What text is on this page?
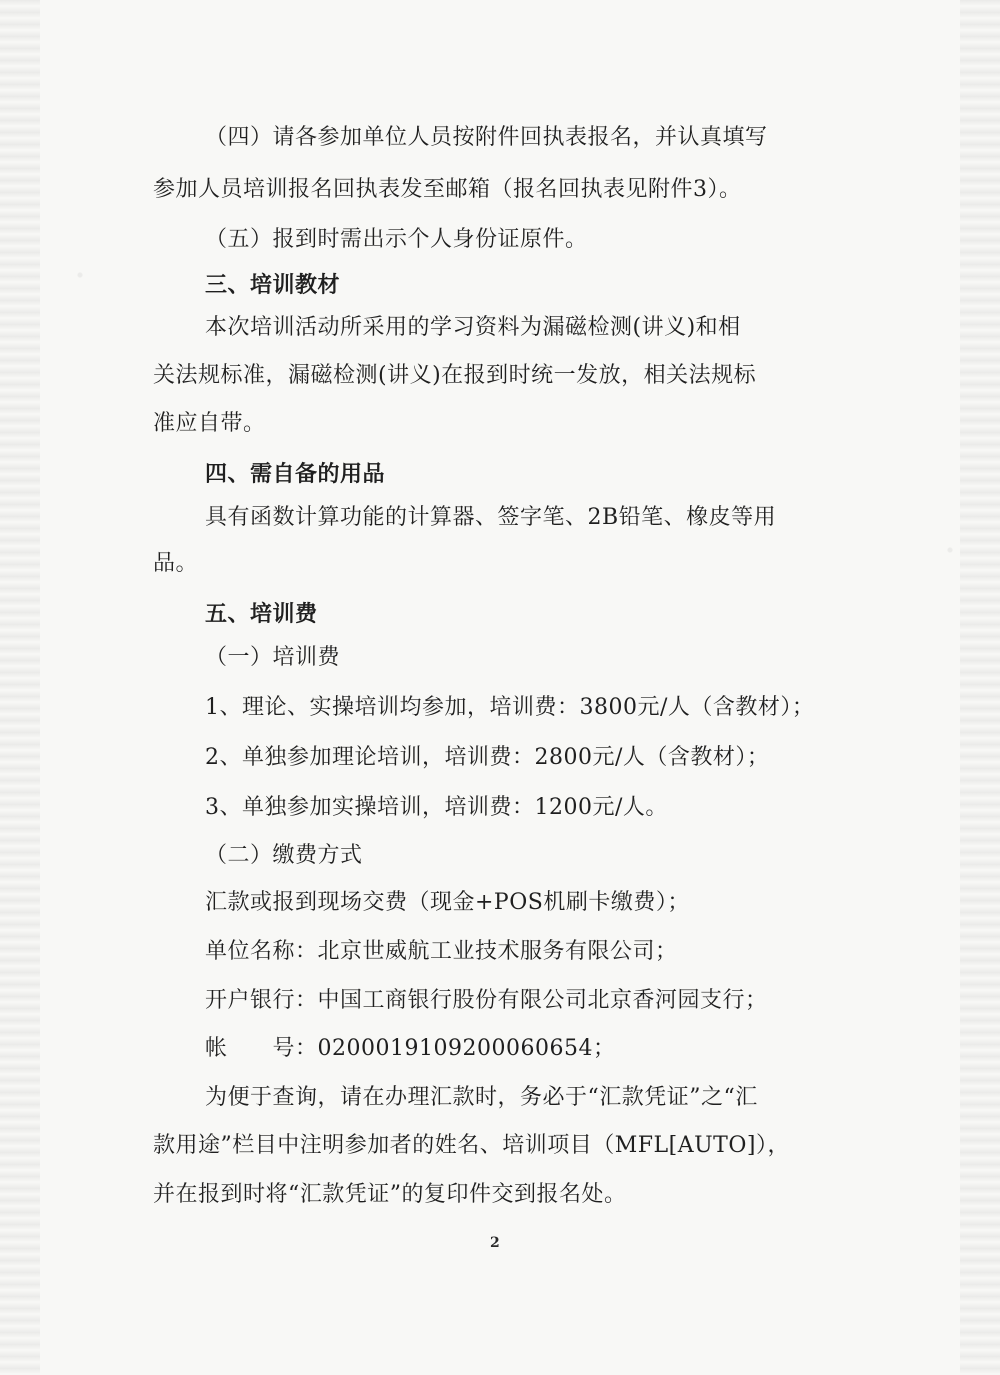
（四）请各参加单位人员按附件回执表报名，并认真填写
参加人员培训报名回执表发至邮箱（报名回执表见附件3）。
（五）报到时需出示个人身份证原件。
三、培训教材
本次培训活动所采用的学习资料为漏磁检测(讲义)和相
关法规标准，漏磁检测(讲义)在报到时统一发放，相关法规标
准应自带。
四、需自备的用品
具有函数计算功能的计算器、签字笔、2B铅笔、橡皮等用
品。
五、培训费
（一）培训费
1、理论、实操培训均参加，培训费：3800元/人（含教材）；
2、单独参加理论培训，培训费：2800元/人（含教材）；
3、单独参加实操培训，培训费：1200元/人。
（二）缴费方式
汇款或报到现场交费（现金+POS机刷卡缴费）；
单位名称：北京世威航工业技术服务有限公司；
开户银行：中国工商银行股份有限公司北京香河园支行；
帐　　号：0200019109200060654；
为便于查询，请在办理汇款时，务必于“汇款凭证”之“汇
款用途”栏目中注明参加者的姓名、培训项目（MFL[AUTO]），
并在报到时将“汇款凭证”的复印件交到报名处。
2
